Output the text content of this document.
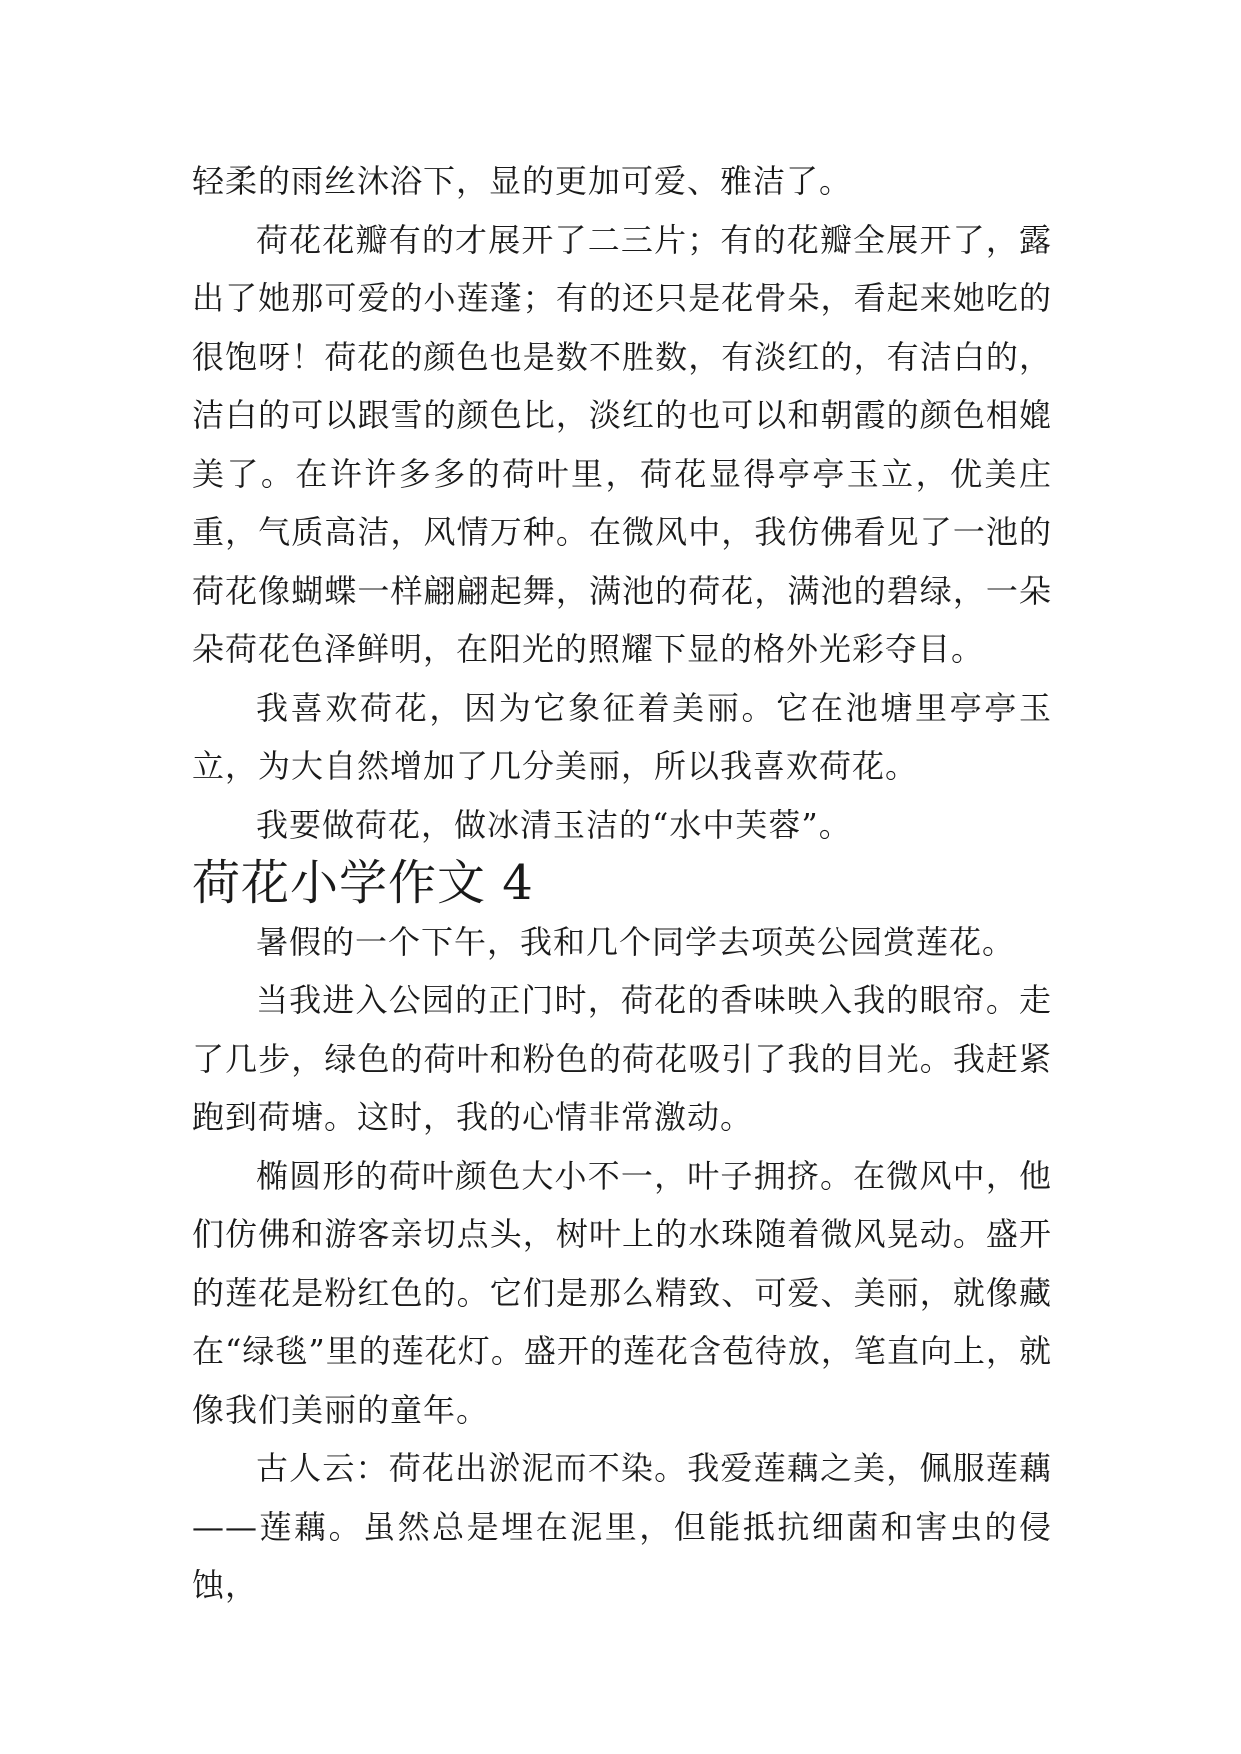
轻柔的雨丝沐浴下，显的更加可爱、雅洁了。

荷花花瓣有的才展开了二三片；有的花瓣全展开了，露出了她那可爱的小莲蓬；有的还只是花骨朵，看起来她吃的很饱呀！荷花的颜色也是数不胜数，有淡红的，有洁白的，洁白的可以跟雪的颜色比，淡红的也可以和朝霞的颜色相媲美了。在许许多多的荷叶里，荷花显得亭亭玉立，优美庄重，气质高洁，风情万种。在微风中，我仿佛看见了一池的荷花像蝴蝶一样翩翩起舞，满池的荷花，满池的碧绿，一朵朵荷花色泽鲜明，在阳光的照耀下显的格外光彩夺目。

我喜欢荷花，因为它象征着美丽。它在池塘里亭亭玉立，为大自然增加了几分美丽，所以我喜欢荷花。

我要做荷花，做冰清玉洁的“水中芙蓉”。

荷花小学作文 4

暑假的一个下午，我和几个同学去项英公园赏莲花。

当我进入公园的正门时，荷花的香味映入我的眼帘。走了几步，绿色的荷叶和粉色的荷花吸引了我的目光。我赶紧跑到荷塘。这时，我的心情非常激动。

椭圆形的荷叶颜色大小不一，叶子拥挤。在微风中，他们仿佛和游客亲切点头，树叶上的水珠随着微风晃动。盛开的莲花是粉红色的。它们是那么精致、可爱、美丽，就像藏在“绿毯”里的莲花灯。盛开的莲花含苞待放，笔直向上，就像我们美丽的童年。

古人云：荷花出淤泥而不染。我爱莲藕之美，佩服莲藕——莲藕。虽然总是埋在泥里，但能抵抗细菌和害虫的侵蚀，
